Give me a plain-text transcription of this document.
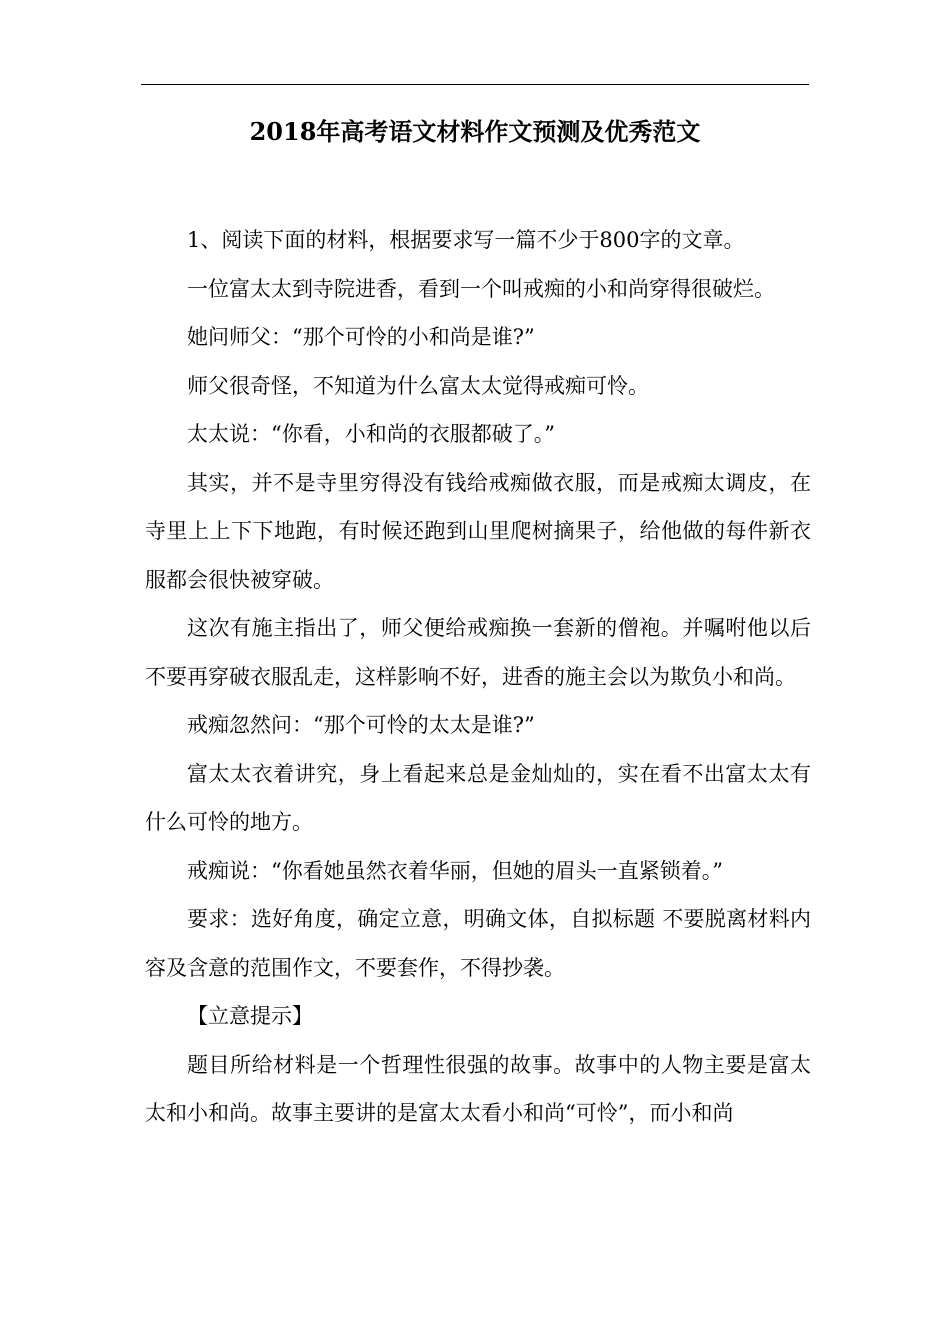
2018年高考语文材料作文预测及优秀范文

1、阅读下面的材料，根据要求写一篇不少于800字的文章。

一位富太太到寺院进香，看到一个叫戒痴的小和尚穿得很破烂。

她问师父：“那个可怜的小和尚是谁?”

师父很奇怪，不知道为什么富太太觉得戒痴可怜。

太太说：“你看，小和尚的衣服都破了。”

其实，并不是寺里穷得没有钱给戒痴做衣服，而是戒痴太调皮，在寺里上上下下地跑，有时候还跑到山里爬树摘果子，给他做的每件新衣服都会很快被穿破。

这次有施主指出了，师父便给戒痴换一套新的僧袍。并嘱咐他以后不要再穿破衣服乱走，这样影响不好，进香的施主会以为欺负小和尚。

戒痴忽然问：“那个可怜的太太是谁?”

富太太衣着讲究，身上看起来总是金灿灿的，实在看不出富太太有什么可怜的地方。

戒痴说：“你看她虽然衣着华丽，但她的眉头一直紧锁着。”

要求：选好角度，确定立意，明确文体，自拟标题 不要脱离材料内容及含意的范围作文，不要套作，不得抄袭。

【立意提示】

题目所给材料是一个哲理性很强的故事。故事中的人物主要是富太太和小和尚。故事主要讲的是富太太看小和尚“可怜”，而小和尚
